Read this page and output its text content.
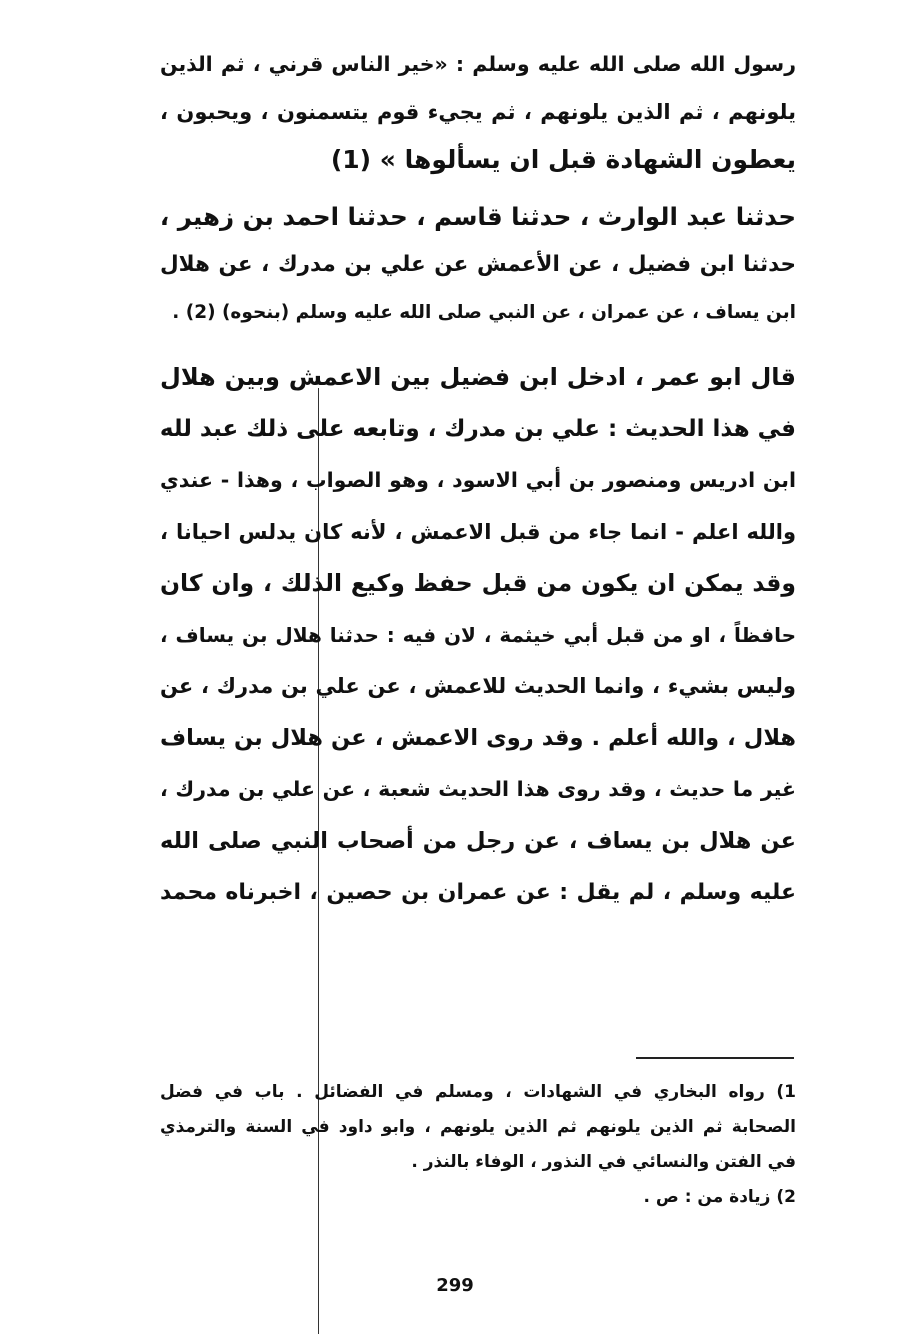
رسول الله صلى الله عليه وسلم : «خير الناس قرني ، ثم الذين
يلونهم ، ثم الذين يلونهم ، ثم يجيء قوم يتسمنون ، ويحبون ،
يعطون الشهادة قبل ان يسألوها » (1)
حدثنا عبد الوارث ، حدثنا قاسم ، حدثنا احمد بن زهير ،
حدثنا ابن فضيل ، عن الأعمش عن علي بن مدرك ، عن هلال
ابن يساف ، عن عمران ، عن النبي صلى الله عليه وسلم (بنحوه) (2) .
قال ابو عمر ، ادخل ابن فضيل بين الاعمش وبين هلال
في هذا الحديث : علي بن مدرك ، وتابعه على ذلك عبد لله
ابن ادريس ومنصور بن أبي الاسود ، وهو الصواب ، وهذا - عندي
والله اعلم - انما جاء من قبل الاعمش ، لأنه كان يدلس احيانا ،
وقد يمكن ان يكون من قبل حفظ وكيع الذلك ، وان كان
حافظاً ، او من قبل أبي خيثمة ، لان فيه : حدثنا هلال بن يساف ،
وليس بشيء ، وانما الحديث للاعمش ، عن علي بن مدرك ، عن
هلال ، والله أعلم . وقد روى الاعمش ، عن هلال بن يساف
غير ما حديث ، وقد روى هذا الحديث شعبة ، عن علي بن مدرك ،
عن هلال بن يساف ، عن رجل من أصحاب النبي صلى الله
عليه وسلم ، لم يقل : عن عمران بن حصين ، اخبرناه محمد
1) رواه البخاري في الشهادات ، ومسلم في الفضائل . باب في فضل
الصحابة ثم الذين يلونهم ثم الذين يلونهم ، وابو داود في السنة والترمذي
في الفتن والنسائي في النذور ، الوفاء بالنذر .
2) زيادة من : ص .
299
